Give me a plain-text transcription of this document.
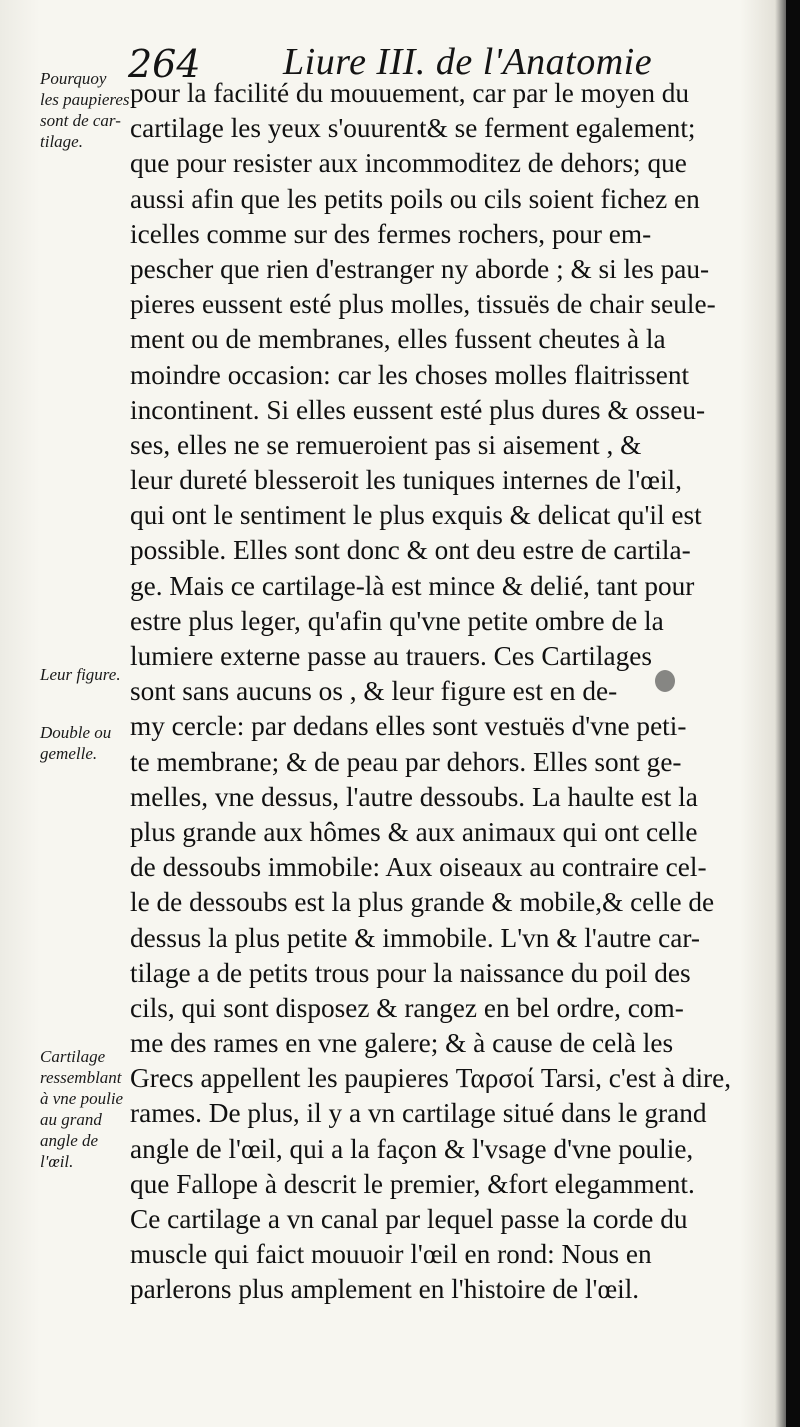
264 Liure III. de l'Anatomie
Pourquoy
les paupieres
sont de car-
tilage.
Leur figure.
Double ou
gemelle.
Cartilage
ressemblant
à vne poulie
au grand
angle de
l'œil.
pour la facilité du mouuement, car par le moyen du
cartilage les yeux s'ouurent& se ferment egalement;
que pour resister aux incommoditez de dehors; que
aussi afin que les petits poils ou cils soient fichez en
icelles comme sur des fermes rochers, pour em-
pescher que rien d'estranger ny aborde ; & si les pau-
pieres eussent esté plus molles, tissuës de chair seule-
ment ou de membranes, elles fussent cheutes à la
moindre occasion: car les choses molles flaitrissent
incontinent. Si elles eussent esté plus dures & osseu-
ses, elles ne se remueroient pas si aisement , &
leur dureté blesseroit les tuniques internes de l'œil,
qui ont le sentiment le plus exquis & delicat qu'il est
possible. Elles sont donc & ont deu estre de cartila-
ge. Mais ce cartilage-là est mince & delié, tant pour
estre plus leger, qu'afin qu'vne petite ombre de la
lumiere externe passe au trauers. Ces Cartilages
sont sans aucuns os , & leur figure est en de-
my cercle: par dedans elles sont vestuës d'vne peti-
te membrane; & de peau par dehors. Elles sont ge-
melles, vne dessus, l'autre dessoubs. La haulte est la
plus grande aux hômes & aux animaux qui ont celle
de dessoubs immobile: Aux oiseaux au contraire cel-
le de dessoubs est la plus grande & mobile,& celle de
dessus la plus petite & immobile. L'vn & l'autre car-
tilage a de petits trous pour la naissance du poil des
cils, qui sont disposez & rangez en bel ordre, com-
me des rames en vne galere; & à cause de celà les
Grecs appellent les paupieres Ταρσοί Tarsi, c'est à dire,
rames. De plus, il y a vn cartilage situé dans le grand
angle de l'œil, qui a la façon & l'vsage d'vne poulie,
que Fallope à descrit le premier, &fort elegamment.
Ce cartilage a vn canal par lequel passe la corde du
muscle qui faict mouuoir l'œil en rond: Nous en
parlerons plus amplement en l'histoire de l'œil.
